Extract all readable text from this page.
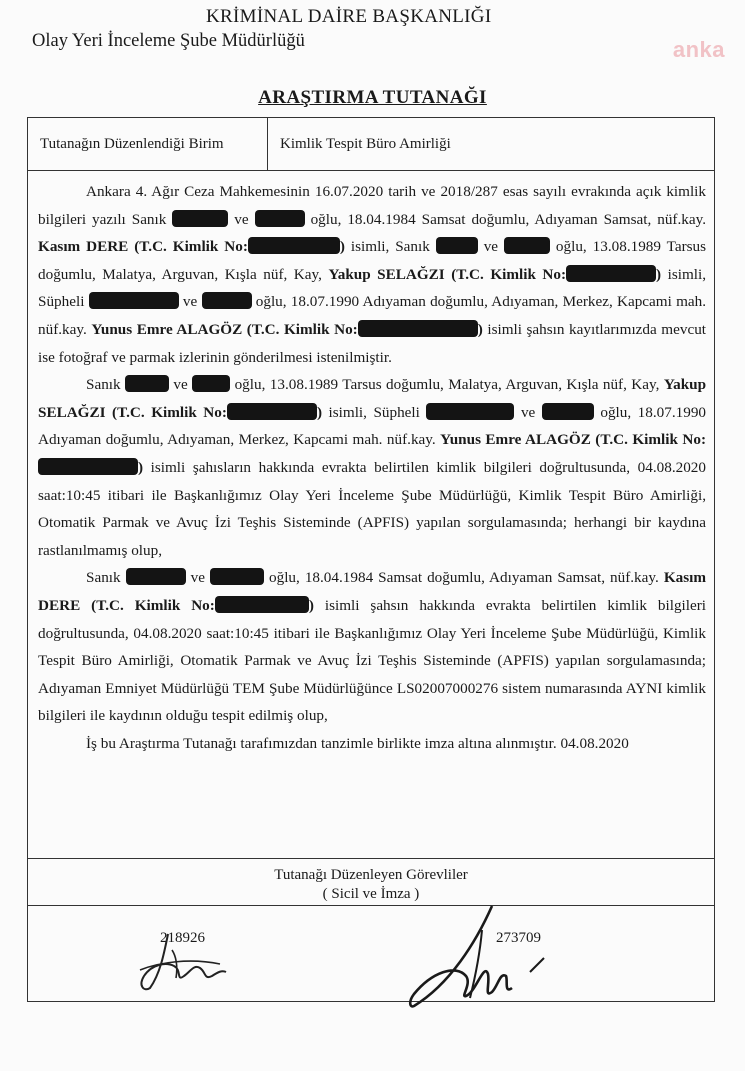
KRİMİNAL DAİRE BAŞKANLIĞI
Olay Yeri İnceleme Şube Müdürlüğü	anka
ARAŞTIRMA TUTANAĞI
Tutanağın Düzenlendiği Birim	Kimlik Tespit Büro Amirliği

Ankara 4. Ağır Ceza Mahkemesinin 16.07.2020 tarih ve 2018/287 esas sayılı evrakında açık kimlik bilgileri yazılı Sanık	ve	oğlu, 18.04.1984 Samsat doğumlu, Adıyaman Samsat, nüf.kay. Kasım DERE (T.C. Kimlik No:	) isimli, Sanık	ve	oğlu, 13.08.1989 Tarsus doğumlu, Malatya, Arguvan, Kışla nüf, Kay, Yakup SELAĞZI (T.C. Kimlik No:	) isimli, Süpheli	ve	oğlu, 18.07.1990 Adıyaman doğumlu, Adıyaman, Merkez, Kapcami mah. nüf.kay. Yunus Emre ALAGÖZ (T.C. Kimlik No:	) isimli şahsın kayıtlarımızda mevcut ise fotoğraf ve parmak izlerinin gönderilmesi istenilmiştir.

Sanık	ve	oğlu, 13.08.1989 Tarsus doğumlu, Malatya, Arguvan, Kışla nüf, Kay, Yakup SELAĞZI (T.C. Kimlik No:	) isimli, Süpheli	ve	oğlu, 18.07.1990 Adıyaman doğumlu, Adıyaman, Merkez, Kapcami mah. nüf.kay. Yunus Emre ALAGÖZ (T.C. Kimlik No:) isimli şahısların hakkında evrakta belirtilen kimlik bilgileri doğrultusunda, 04.08.2020 saat:10:45 itibari ile Başkanlığımız Olay Yeri İnceleme Şube Müdürlüğü, Kimlik Tespit Büro Amirliği, Otomatik Parmak ve Avuç İzi Teşhis Sisteminde (APFIS) yapılan sorgulamasında; herhangi bir kaydına rastlanılmamış olup,

Sanık	ve	oğlu, 18.04.1984 Samsat doğumlu, Adıyaman Samsat, nüf.kay. Kasım DERE (T.C. Kimlik No:	) isimli şahsın hakkında evrakta belirtilen kimlik bilgileri doğrultusunda, 04.08.2020 saat:10:45 itibari ile Başkanlığımız Olay Yeri İnceleme Şube Müdürlüğü, Kimlik Tespit Büro Amirliği, Otomatik Parmak ve Avuç İzi Teşhis Sisteminde (APFIS) yapılan sorgulamasında; Adıyaman Emniyet Müdürlüğü TEM Şube Müdürlüğünce LS02007000276 sistem numarasında AYNI kimlik bilgileri ile kaydının olduğu tespit edilmiş olup,

İş bu Araştırma Tutanağı tarafımızdan tanzimle birlikte imza altına alınmıştır. 04.08.2020

Tutanağı Düzenleyen Görevliler
( Sicil ve İmza )
218926	273709
